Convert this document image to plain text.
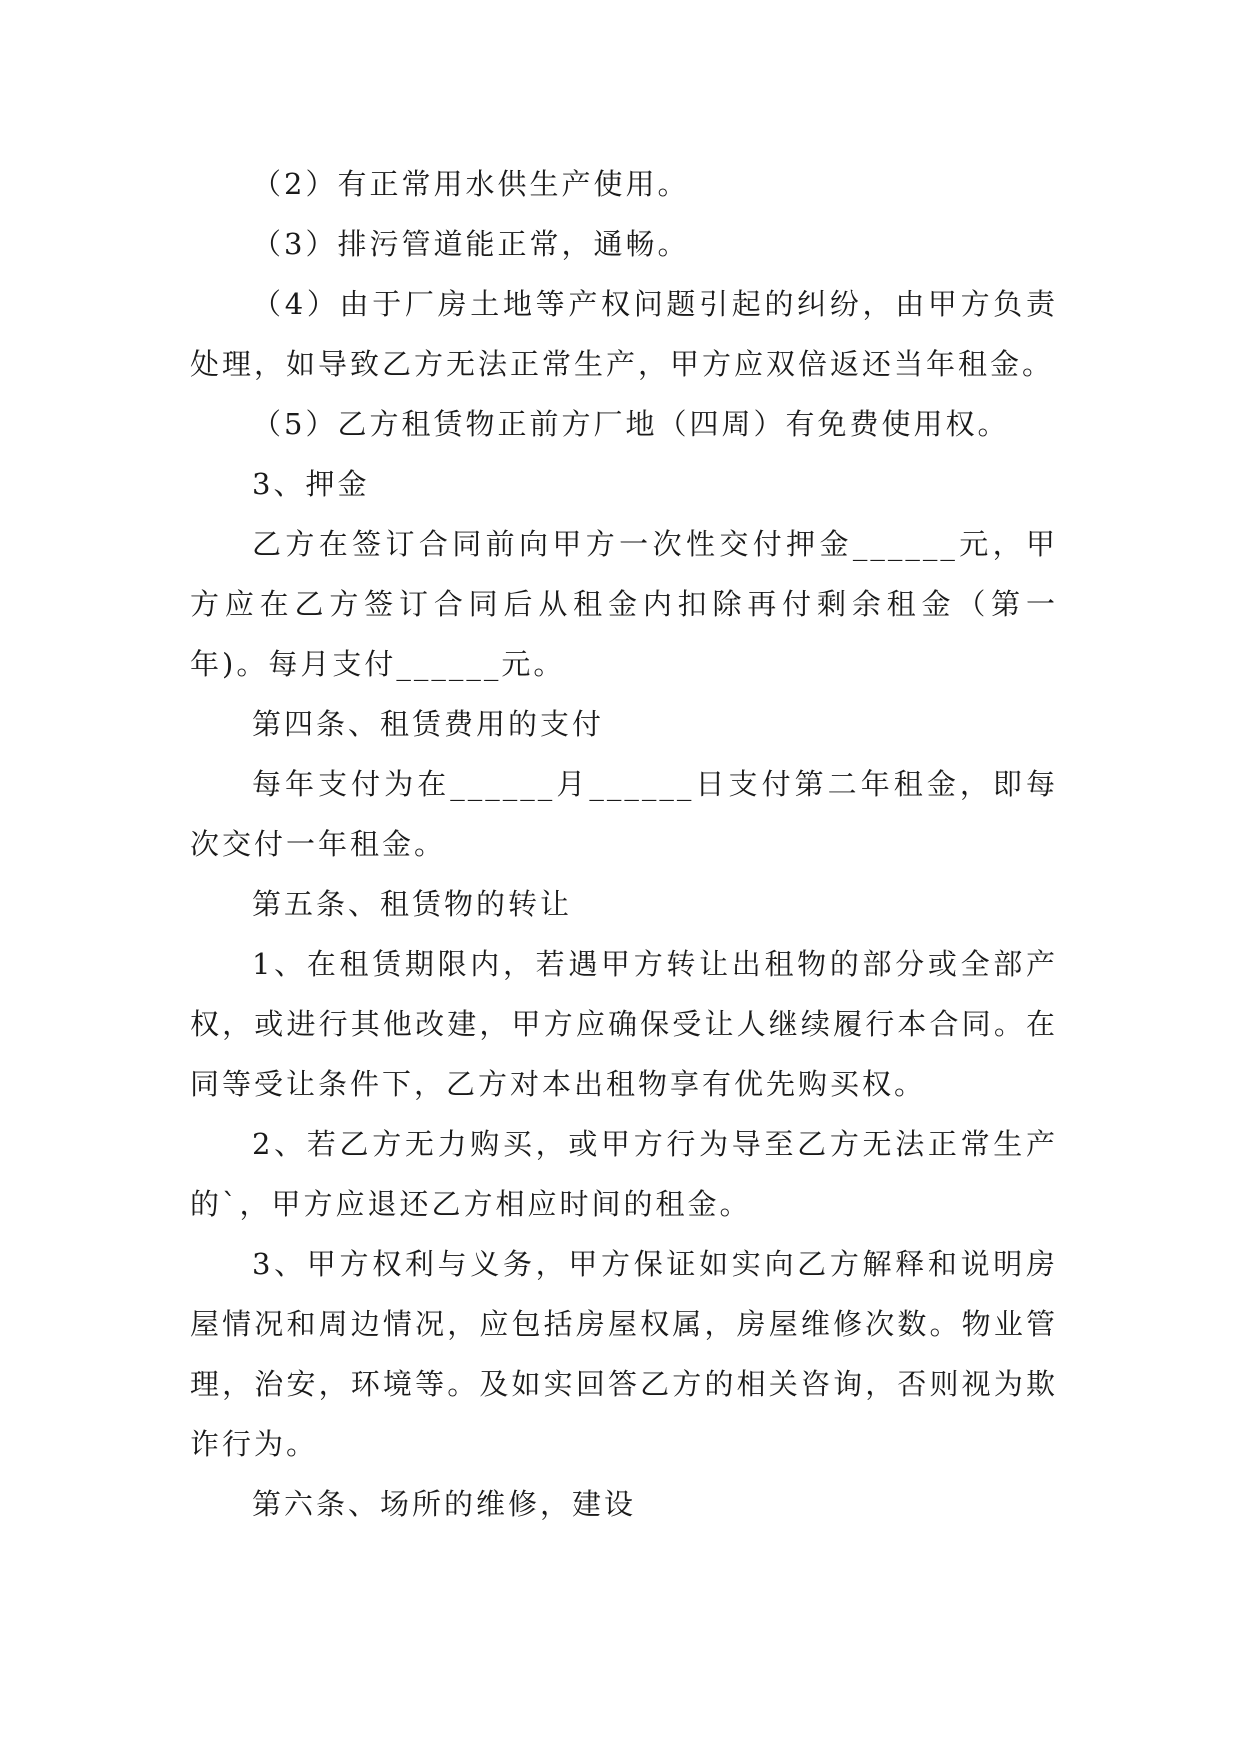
（2）有正常用水供生产使用。

（3）排污管道能正常，通畅。

（4）由于厂房土地等产权问题引起的纠纷，由甲方负责处理，如导致乙方无法正常生产，甲方应双倍返还当年租金。

（5）乙方租赁物正前方厂地（四周）有免费使用权。

3、押金

乙方在签订合同前向甲方一次性交付押金______元，甲方应在乙方签订合同后从租金内扣除再付剩余租金（第一年)。每月支付______元。

第四条、租赁费用的支付

每年支付为在______月______日支付第二年租金，即每次交付一年租金。

第五条、租赁物的转让

1、在租赁期限内，若遇甲方转让出租物的部分或全部产权，或进行其他改建，甲方应确保受让人继续履行本合同。在同等受让条件下，乙方对本出租物享有优先购买权。

2、若乙方无力购买，或甲方行为导至乙方无法正常生产的`，甲方应退还乙方相应时间的租金。

3、甲方权利与义务，甲方保证如实向乙方解释和说明房屋情况和周边情况，应包括房屋权属，房屋维修次数。物业管理，治安，环境等。及如实回答乙方的相关咨询，否则视为欺诈行为。

第六条、场所的维修，建设
